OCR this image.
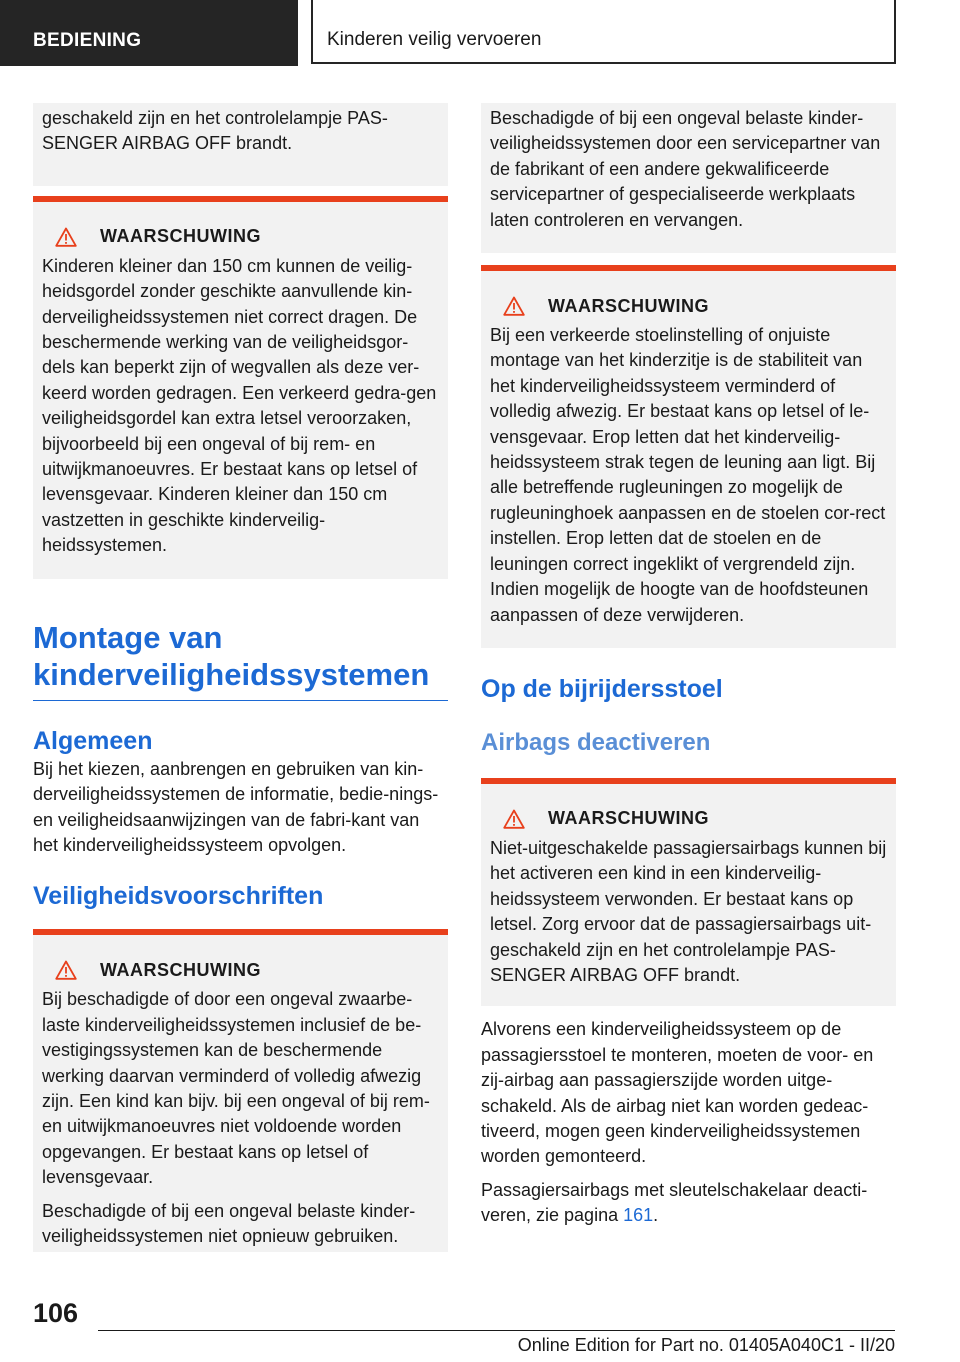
BEDIENING	Kinderen veilig vervoeren
geschakeld zijn en het controlelampje PAS‐SENGER AIRBAG OFF brandt.
WAARSCHUWING

Kinderen kleiner dan 150 cm kunnen de veilig‐heidsgordel zonder geschikte aanvullende kin‐derveiligheidssystemen niet correct dragen. De beschermende werking van de veiligheidsgor‐dels kan beperkt zijn of wegvallen als deze ver‐keerd worden gedragen. Een verkeerd gedra‐gen veiligheidsgordel kan extra letsel veroorzaken, bijvoorbeeld bij een ongeval of bij rem- en uitwijkmanoeuvres. Er bestaat kans op letsel of levensgevaar. Kinderen kleiner dan 150 cm vastzetten in geschikte kinderveilig‐heidssystemen.

Montage van kinderveiligheidssystemen
Algemeen

Bij het kiezen, aanbrengen en gebruiken van kin‐derveiligheidssystemen de informatie, bedie‐nings- en veiligheidsaanwijzingen van de fabri‐kant van het kinderveiligheidssysteem opvolgen.

Veiligheidsvoorschriften
WAARSCHUWING

Bij beschadigde of door een ongeval zwaarbe‐laste kinderveiligheidssystemen inclusief de be‐vestigingssystemen kan de beschermende werking daarvan verminderd of volledig afwezig zijn. Een kind kan bijv. bij een ongeval of bij rem- en uitwijkmanoeuvres niet voldoende worden opgevangen. Er bestaat kans op letsel of levensgevaar.

Beschadigde of bij een ongeval belaste kinder‐veiligheidssystemen niet opnieuw gebruiken.

Beschadigde of bij een ongeval belaste kinder‐veiligheidssystemen door een servicepartner van de fabrikant of een andere gekwalificeerde servicepartner of gespecialiseerde werkplaats laten controleren en vervangen.
WAARSCHUWING

Bij een verkeerde stoelinstelling of onjuiste montage van het kinderzitje is de stabiliteit van het kinderveiligheidssysteem verminderd of volledig afwezig. Er bestaat kans op letsel of le‐vensgevaar. Erop letten dat het kinderveilig‐heidssysteem strak tegen de leuning aan ligt. Bij alle betreffende rugleuningen zo mogelijk de rugleuninghoek aanpassen en de stoelen cor‐rect instellen. Erop letten dat de stoelen en de leuningen correct ingeklikt of vergrendeld zijn. Indien mogelijk de hoogte van de hoofdsteunen aanpassen of deze verwijderen.

Op de bijrijdersstoel
Airbags deactiveren
WAARSCHUWING

Niet-uitgeschakelde passagiersairbags kunnen bij het activeren een kind in een kinderveilig‐heidssysteem verwonden. Er bestaat kans op letsel. Zorg ervoor dat de passagiersairbags uit‐geschakeld zijn en het controlelampje PAS‐SENGER AIRBAG OFF brandt.

Alvorens een kinderveiligheidssysteem op de passagiersstoel te monteren, moeten de voor- en zij-airbag aan passagierszijde worden uitge‐schakeld. Als de airbag niet kan worden gedeac‐tiveerd, mogen geen kinderveiligheidssystemen worden gemonteerd.

Passagiersairbags met sleutelschakelaar deacti‐veren, zie pagina 161.

106
Online Edition for Part no. 01405A040C1 - II/20
